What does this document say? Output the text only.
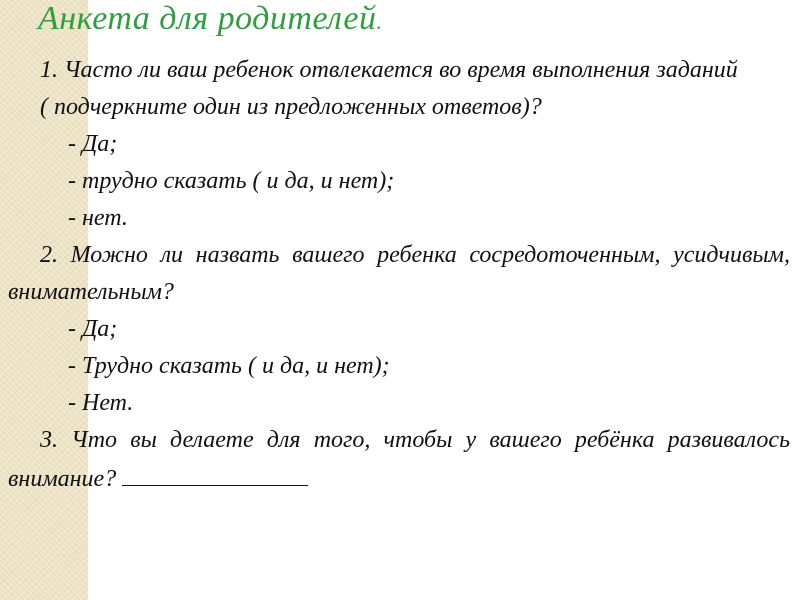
Анкета для родителей.

1. Часто ли ваш ребенок отвлекается во время выполнения заданий

( подчеркните один из предложенных ответов)?

- Да;

- трудно сказать ( и да, и нет);

- нет.

2. Можно ли назвать вашего ребенка сосредоточенным, усидчивым, внимательным?

- Да;

- Трудно сказать ( и да, и нет);

- Нет.

3. Что вы делаете для того, чтобы у вашего ребёнка развивалось внимание?
